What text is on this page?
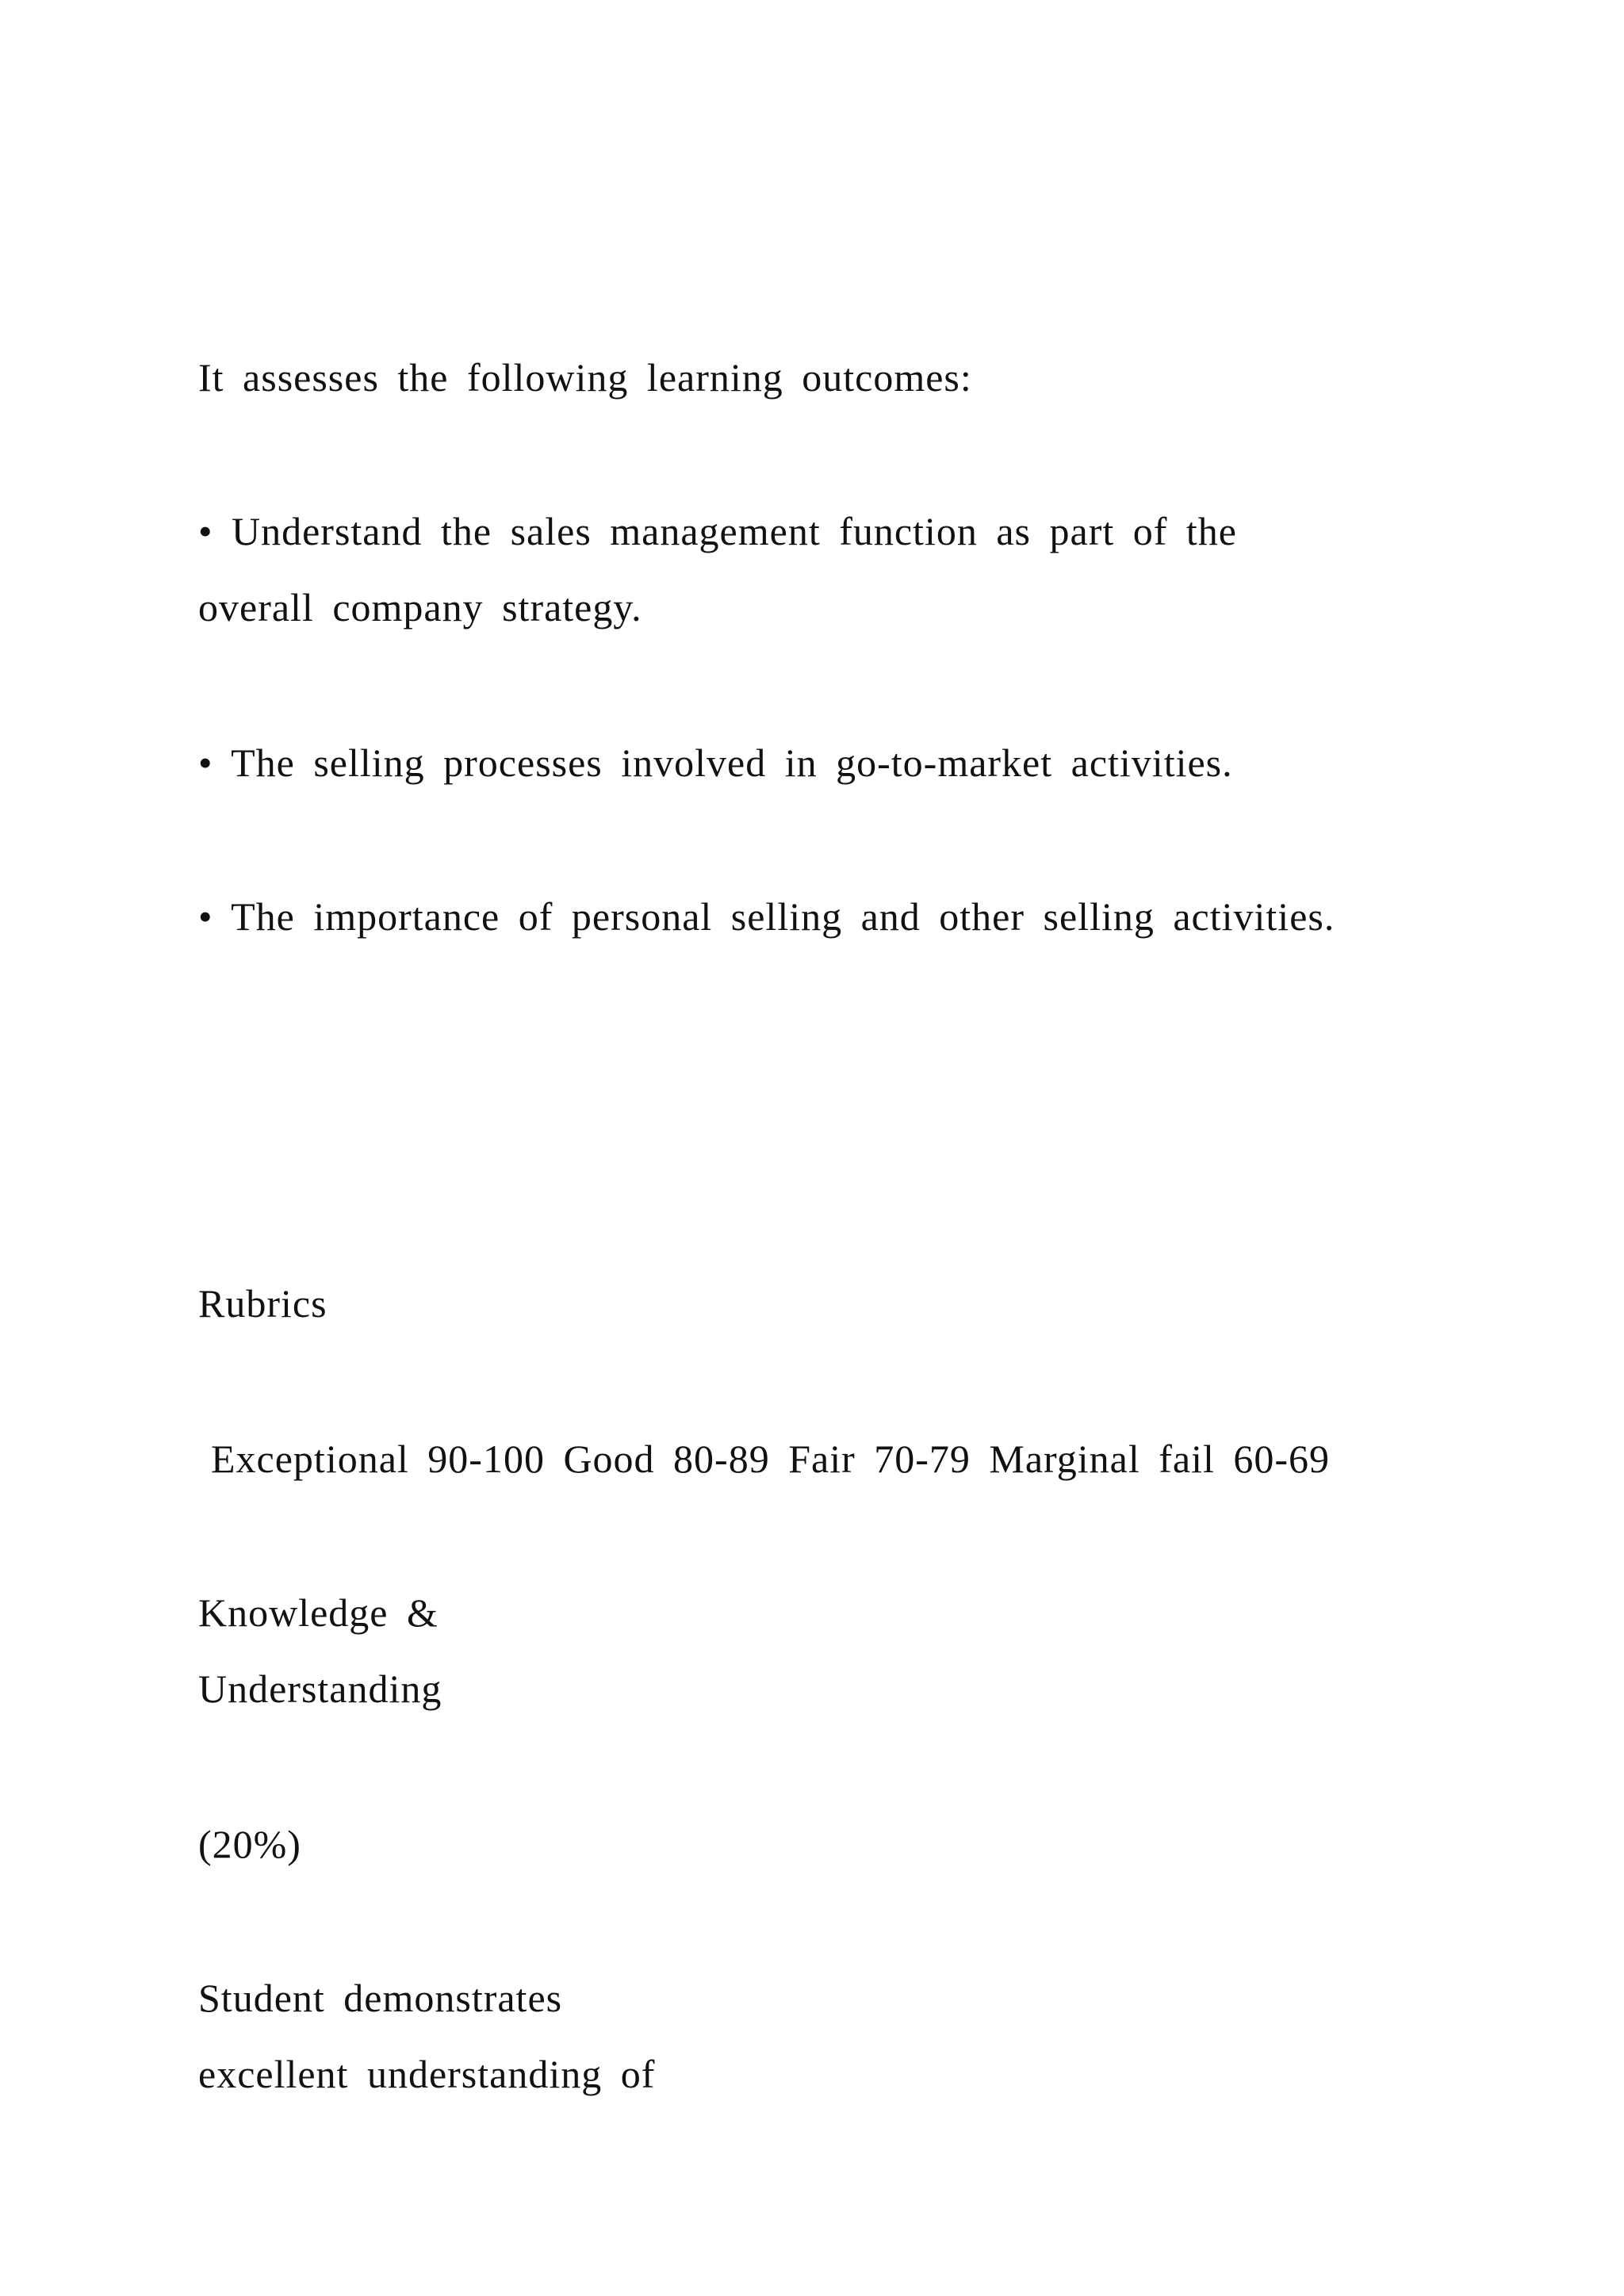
It assesses the following learning outcomes:

• Understand the sales management function as part of the

overall company strategy.

• The selling processes involved in go-to-market activities.

• The importance of personal selling and other selling activities.

Rubrics

Exceptional 90-100 Good 80-89 Fair 70-79 Marginal fail 60-69

Knowledge &

Understanding

(20%)

Student demonstrates

excellent understanding of
